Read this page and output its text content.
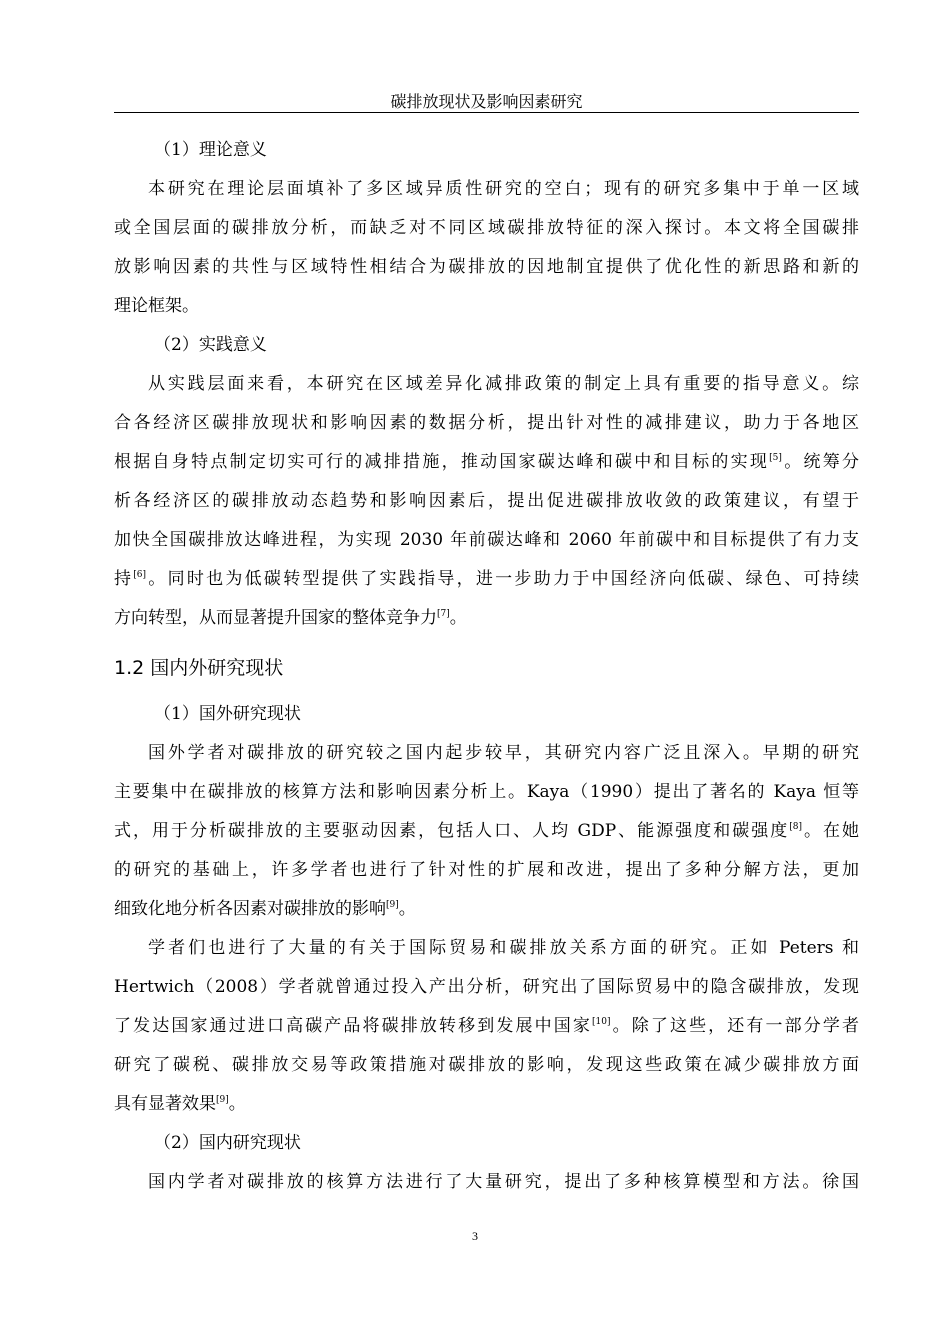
碳排放现状及影响因素研究
（1）理论意义
本研究在理论层面填补了多区域异质性研究的空白；现有的研究多集中于单一区域
或全国层面的碳排放分析，而缺乏对不同区域碳排放特征的深入探讨。本文将全国碳排
放影响因素的共性与区域特性相结合为碳排放的因地制宜提供了优化性的新思路和新的
理论框架。
（2）实践意义
从实践层面来看，本研究在区域差异化减排政策的制定上具有重要的指导意义。综
合各经济区碳排放现状和影响因素的数据分析，提出针对性的减排建议，助力于各地区
根据自身特点制定切实可行的减排措施，推动国家碳达峰和碳中和目标的实现[5]。统筹分
析各经济区的碳排放动态趋势和影响因素后，提出促进碳排放收敛的政策建议，有望于
加快全国碳排放达峰进程，为实现 2030 年前碳达峰和 2060 年前碳中和目标提供了有力支
持[6]。同时也为低碳转型提供了实践指导，进一步助力于中国经济向低碳、绿色、可持续
方向转型，从而显著提升国家的整体竞争力[7]。
1.2 国内外研究现状
（1）国外研究现状
国外学者对碳排放的研究较之国内起步较早，其研究内容广泛且深入。早期的研究
主要集中在碳排放的核算方法和影响因素分析上。Kaya（1990）提出了著名的 Kaya 恒等
式，用于分析碳排放的主要驱动因素，包括人口、人均 GDP、能源强度和碳强度[8]。在她
的研究的基础上，许多学者也进行了针对性的扩展和改进，提出了多种分解方法，更加
细致化地分析各因素对碳排放的影响[9]。
学者们也进行了大量的有关于国际贸易和碳排放关系方面的研究。正如 Peters 和
Hertwich（2008）学者就曾通过投入产出分析，研究出了国际贸易中的隐含碳排放，发现
了发达国家通过进口高碳产品将碳排放转移到发展中国家[10]。除了这些，还有一部分学者
研究了碳税、碳排放交易等政策措施对碳排放的影响，发现这些政策在减少碳排放方面
具有显著效果[9]。
（2）国内研究现状
国内学者对碳排放的核算方法进行了大量研究，提出了多种核算模型和方法。徐国
3
